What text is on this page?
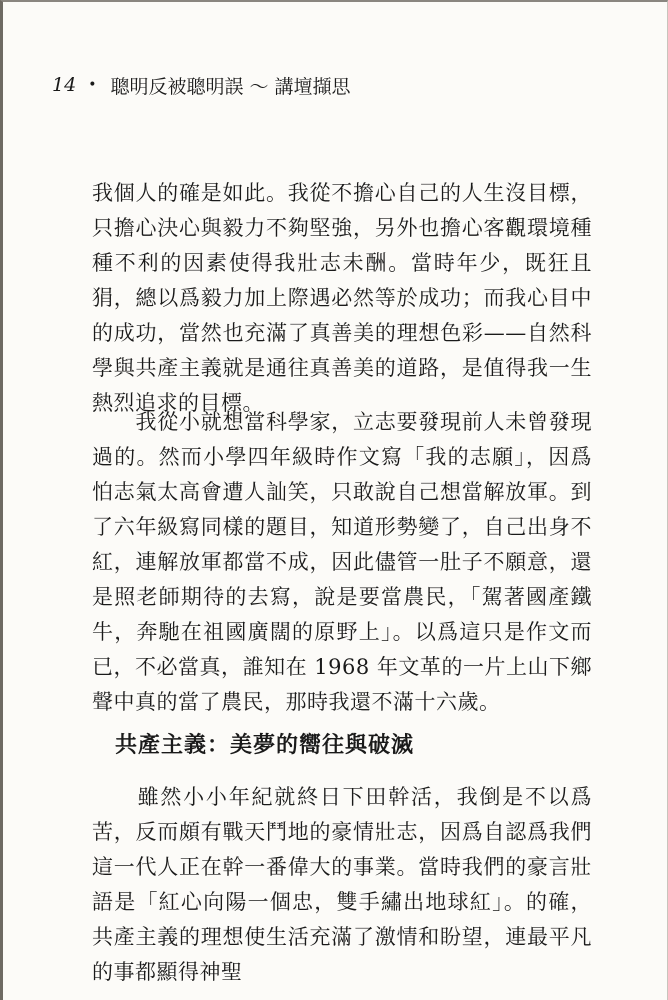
14 • 聰明反被聰明誤 ～ 講壇擷思

我個人的確是如此。我從不擔心自己的人生沒目標，只擔心決心與毅力不夠堅強，另外也擔心客觀環境種種不利的因素使得我壯志未酬。當時年少，既狂且狷，總以爲毅力加上際遇必然等於成功；而我心目中的成功，當然也充滿了真善美的理想色彩——自然科學與共產主義就是通往真善美的道路，是值得我一生熱烈追求的目標。

　　我從小就想當科學家，立志要發現前人未曾發現過的。然而小學四年級時作文寫「我的志願」，因爲怕志氣太高會遭人訕笑，只敢說自己想當解放軍。到了六年級寫同樣的題目，知道形勢變了，自己出身不紅，連解放軍都當不成，因此儘管一肚子不願意，還是照老師期待的去寫，說是要當農民，「駕著國產鐵牛，奔馳在祖國廣闊的原野上」。以爲這只是作文而已，不必當真，誰知在 1968 年文革的一片上山下鄉聲中真的當了農民，那時我還不滿十六歲。

共產主義：美夢的嚮往與破滅

　　雖然小小年紀就終日下田幹活，我倒是不以爲苦，反而頗有戰天鬥地的豪情壯志，因爲自認爲我們這一代人正在幹一番偉大的事業。當時我們的豪言壯語是「紅心向陽一個忠，雙手繡出地球紅」。的確，共產主義的理想使生活充滿了激情和盼望，連最平凡的事都顯得神聖
